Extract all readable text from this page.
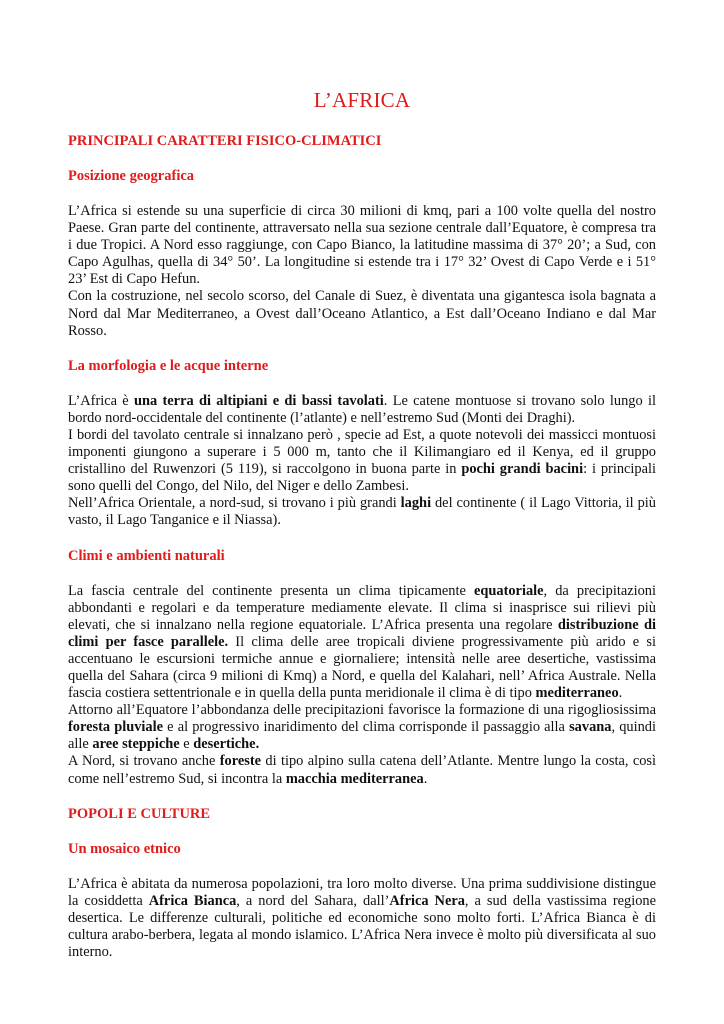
L’AFRICA
PRINCIPALI CARATTERI FISICO-CLIMATICI
Posizione geografica

L’Africa si estende su una superficie di circa 30 milioni di kmq, pari a 100 volte quella del nostro Paese. Gran parte del continente, attraversato nella sua sezione centrale dall’Equatore, è compresa tra i due Tropici. A Nord esso raggiunge, con Capo Bianco, la latitudine massima di 37° 20’; a Sud, con Capo Agulhas, quella di 34° 50’. La longitudine si estende tra i 17° 32’ Ovest di Capo Verde e i 51° 23’ Est di Capo Hefun.
Con la costruzione, nel secolo scorso, del Canale di Suez, è diventata una gigantesca isola bagnata a Nord dal Mar Mediterraneo, a Ovest dall’Oceano Atlantico, a Est dall’Oceano Indiano e dal Mar Rosso.

La morfologia e le acque interne

L’Africa è una terra di altipiani e di bassi tavolati. Le catene montuose si trovano solo lungo il bordo nord-occidentale del continente (l’atlante) e nell’estremo Sud (Monti dei Draghi).
I bordi del tavolato centrale si innalzano però , specie ad Est, a quote notevoli dei massicci montuosi imponenti giungono a superare i 5 000 m, tanto che il Kilimangiaro ed il Kenya, ed il gruppo cristallino del Ruwenzori (5 119), si raccolgono in buona parte in pochi grandi bacini: i principali sono quelli del Congo, del Nilo, del Niger e dello Zambesi.
Nell’Africa Orientale, a nord-sud, si trovano i più grandi laghi del continente ( il Lago Vittoria, il più vasto, il Lago Tanganice e il Niassa).

Climi e ambienti naturali

La fascia centrale del continente presenta un clima tipicamente equatoriale, da precipitazioni abbondanti e regolari e da temperature mediamente elevate. Il clima si inasprisce sui rilievi più elevati, che si innalzano nella regione equatoriale. L’Africa presenta una regolare distribuzione di climi per fasce parallele. Il clima delle aree tropicali diviene progressivamente più arido e si accentuano le escursioni termiche annue e giornaliere; intensità nelle aree desertiche, vastissima quella del Sahara (circa 9 milioni di Kmq) a Nord, e quella del Kalahari, nell’ Africa Australe. Nella fascia costiera settentrionale e in quella della punta meridionale il clima è di tipo mediterraneo.
Attorno all’Equatore l’abbondanza delle precipitazioni favorisce la formazione di una rigogliosissima foresta pluviale e al progressivo inaridimento del clima corrisponde il passaggio alla savana, quindi alle aree steppiche e desertiche.
A Nord, si trovano anche foreste di tipo alpino sulla catena dell’Atlante. Mentre lungo la costa, così come nell’estremo Sud, si incontra la macchia mediterranea.

POPOLI E CULTURE
Un mosaico etnico

L’Africa è abitata da numerosa popolazioni, tra loro molto diverse. Una prima suddivisione distingue la cosiddetta Africa Bianca, a nord del Sahara, dall’Africa Nera, a sud della vastissima regione desertica. Le differenze culturali, politiche ed economiche sono molto forti. L’Africa Bianca è di cultura arabo-berbera, legata al mondo islamico. L’Africa Nera invece è molto più diversificata al suo interno.
